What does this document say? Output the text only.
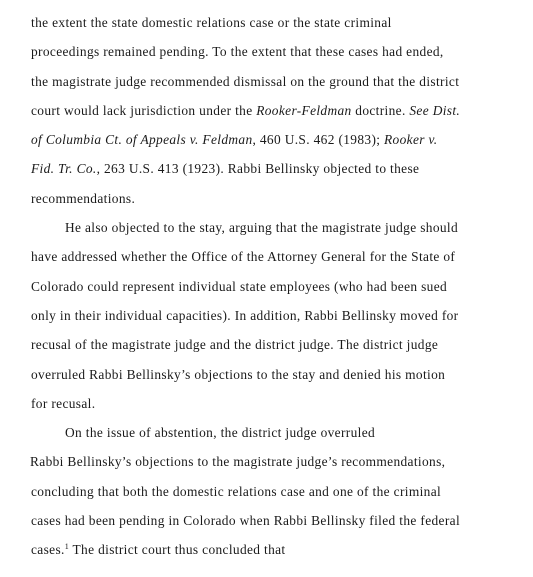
the extent the state domestic relations case or the state criminal
proceedings remained pending. To the extent that these cases had ended,
the magistrate judge recommended dismissal on the ground that the district
court would lack jurisdiction under the Rooker-Feldman doctrine. See Dist.
of Columbia Ct. of Appeals v. Feldman, 460 U.S. 462 (1983); Rooker v.
Fid. Tr. Co., 263 U.S. 413 (1923). Rabbi Bellinsky objected to these
recommendations.
He also objected to the stay, arguing that the magistrate judge should
have addressed whether the Office of the Attorney General for the State of
Colorado could represent individual state employees (who had been sued
only in their individual capacities). In addition, Rabbi Bellinsky moved for
recusal of the magistrate judge and the district judge. The district judge
overruled Rabbi Bellinsky’s objections to the stay and denied his motion
for recusal.
On the issue of abstention, the district judge overruled
Rabbi Bellinsky’s objections to the magistrate judge’s recommendations,
concluding that both the domestic relations case and one of the criminal
cases had been pending in Colorado when Rabbi Bellinsky filed the federal
cases.$^1$ The district court thus concluded that
